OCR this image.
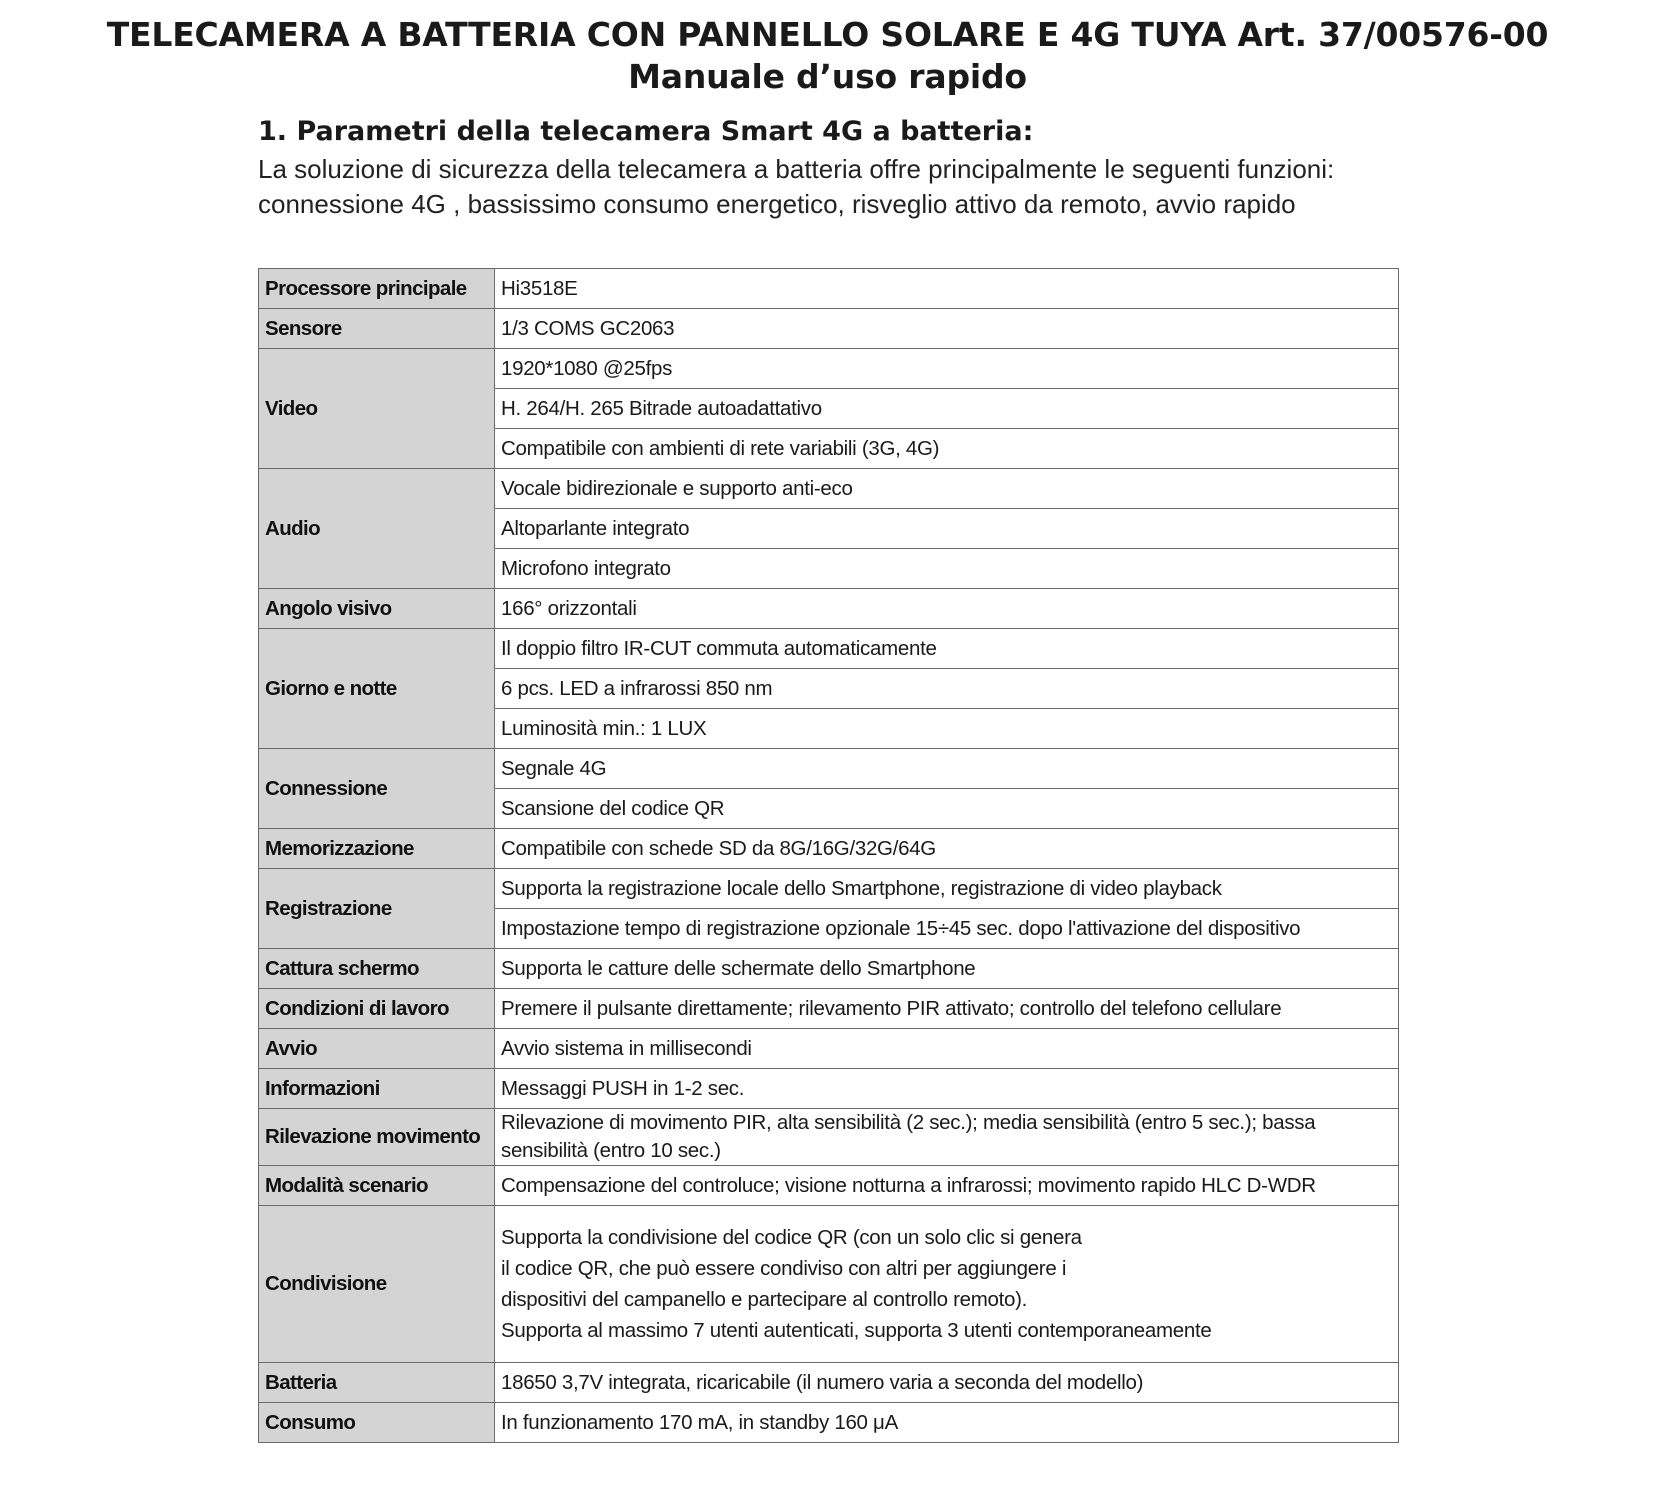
TELECAMERA A BATTERIA CON PANNELLO SOLARE E 4G TUYA Art. 37/00576-00
Manuale d’uso rapido
1. Parametri della telecamera Smart 4G a batteria:
La soluzione di sicurezza della telecamera a batteria offre principalmente le seguenti funzioni:
connessione 4G , bassissimo consumo energetico, risveglio attivo da remoto, avvio rapido
Processore principale	Hi3518E
Sensore	1/3 COMS GC2063
Video	1920*1080 @25fps
	H. 264/H. 265 Bitrade autoadattativo
	Compatibile con ambienti di rete variabili (3G, 4G)
Audio	Vocale bidirezionale e supporto anti-eco
	Altoparlante integrato
	Microfono integrato
Angolo visivo	166° orizzontali
Giorno e notte	Il doppio filtro IR-CUT commuta automaticamente
	6 pcs. LED a infrarossi 850 nm
	Luminosità min.: 1 LUX
Connessione	Segnale 4G
	Scansione del codice QR
Memorizzazione	Compatibile con schede SD da 8G/16G/32G/64G
Registrazione	Supporta la registrazione locale dello Smartphone, registrazione di video playback
	Impostazione tempo di registrazione opzionale 15÷45 sec. dopo l'attivazione del dispositivo
Cattura schermo	Supporta le catture delle schermate dello Smartphone
Condizioni di lavoro	Premere il pulsante direttamente; rilevamento PIR attivato; controllo del telefono cellulare
Avvio	Avvio sistema in millisecondi
Informazioni	Messaggi PUSH in 1-2 sec.
Rilevazione movimento	Rilevazione di movimento PIR, alta sensibilità (2 sec.); media sensibilità (entro 5 sec.); bassa sensibilità (entro 10 sec.)
Modalità scenario	Compensazione del controluce; visione notturna a infrarossi; movimento rapido HLC D-WDR
Condivisione	Supporta la condivisione del codice QR (con un solo clic si genera
il codice QR, che può essere condiviso con altri per aggiungere i
dispositivi del campanello e partecipare al controllo remoto).
Supporta al massimo 7 utenti autenticati, supporta 3 utenti contemporaneamente

Batteria	18650 3,7V integrata, ricaricabile (il numero varia a seconda del modello)
Consumo	In funzionamento 170 mA, in standby 160 μA
